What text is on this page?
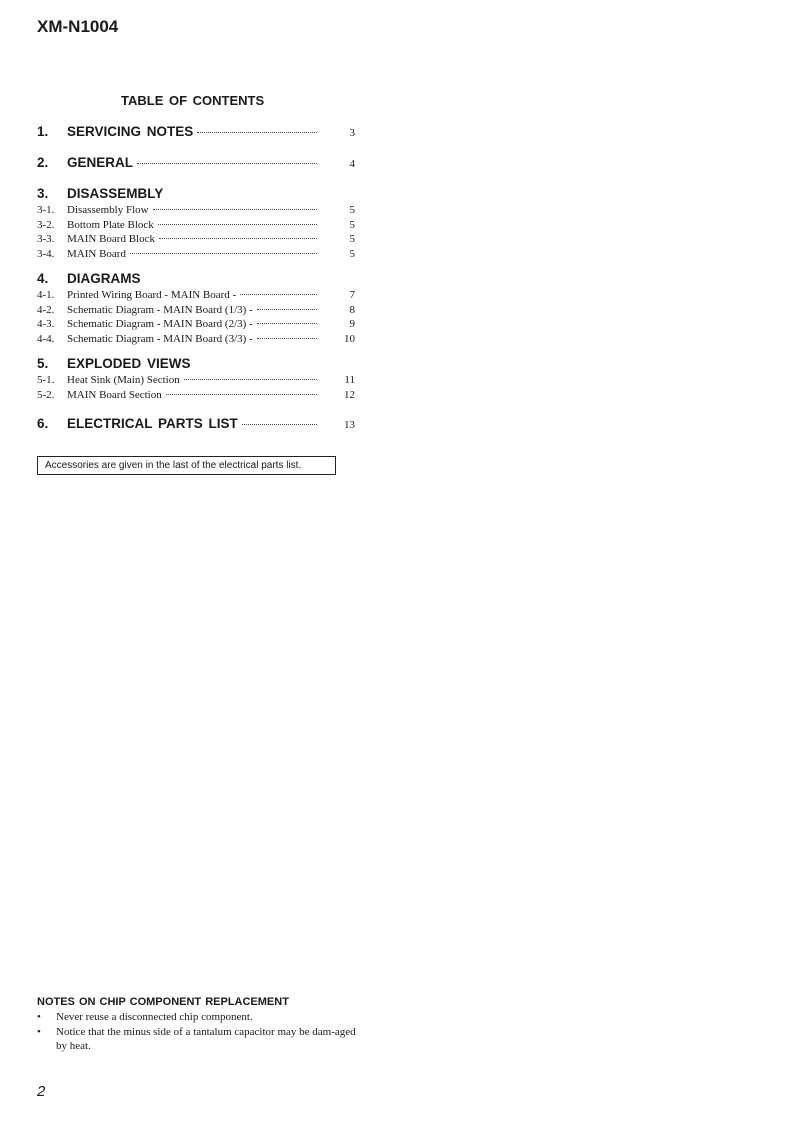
XM-N1004
TABLE OF CONTENTS
1.	SERVICING NOTES	3
2.	GENERAL	4
3.	DISASSEMBLY
3-1.	Disassembly Flow	5
3-2.	Bottom Plate Block	5
3-3.	MAIN Board Block	5
3-4.	MAIN Board	5
4.	DIAGRAMS
4-1.	Printed Wiring Board - MAIN Board -	7
4-2.	Schematic Diagram - MAIN Board (1/3) -	8
4-3.	Schematic Diagram - MAIN Board (2/3) -	9
4-4.	Schematic Diagram - MAIN Board (3/3) -	10
5.	EXPLODED VIEWS
5-1.	Heat Sink (Main) Section	11
5-2.	MAIN Board Section	12
6.	ELECTRICAL PARTS LIST	13
Accessories are given in the last of the electrical parts list.
NOTES ON CHIP COMPONENT REPLACEMENT
•	Never reuse a disconnected chip component.
•	Notice that the minus side of a tantalum capacitor may be dam-aged by heat.
2
